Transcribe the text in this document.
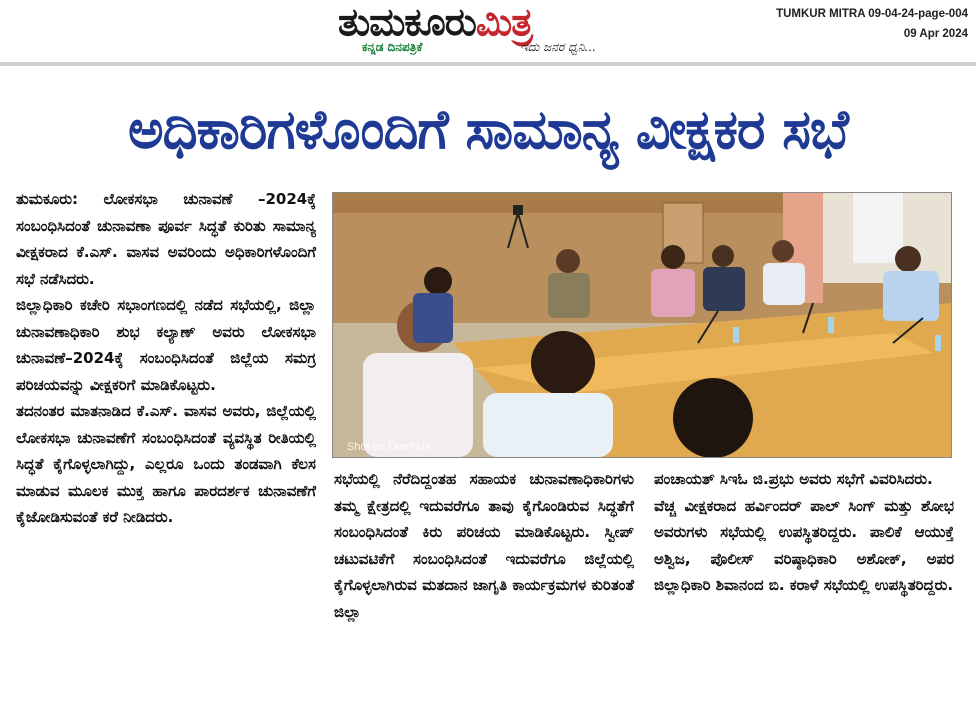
ತುಮಕೂರುಮಿತ್ರ
ಕನ್ನಡ ದಿನಪತ್ರಿಕೆ	ಇದು ಜನರ ಧ್ವನಿ...
TUMKUR MITRA 09-04-24-page-004
09 Apr 2024
ಅಧಿಕಾರಿಗಳೊಂದಿಗೆ ಸಾಮಾನ್ಯ ವೀಕ್ಷಕರ ಸಭೆ

ತುಮಕೂರು: ಲೋಕಸಭಾ ಚುನಾವಣೆ –2024ಕ್ಕೆ ಸಂಬಂಧಿಸಿದಂತೆ ಚುನಾವಣಾ ಪೂರ್ವ ಸಿದ್ಧತೆ ಕುರಿತು ಸಾಮಾನ್ಯ ವೀಕ್ಷಕರಾದ ಕೆ.ಎಸ್. ವಾಸವ ಅವರಿಂದು ಅಧಿಕಾರಿಗಳೊಂದಿಗೆ ಸಭೆ ನಡೆಸಿದರು.

ಜಿಲ್ಲಾಧಿಕಾರಿ ಕಚೇರಿ ಸಭಾಂಗಣದಲ್ಲಿ ನಡೆದ ಸಭೆಯಲ್ಲಿ, ಜಿಲ್ಲಾ ಚುನಾವಣಾಧಿಕಾರಿ ಶುಭ ಕಲ್ಯಾಣ್ ಅವರು ಲೋಕಸಭಾ ಚುನಾವಣೆ–2024ಕ್ಕೆ ಸಂಬಂಧಿಸಿದಂತೆ ಜಿಲ್ಲೆಯ ಸಮಗ್ರ ಪರಿಚಯವನ್ನು ವೀಕ್ಷಕರಿಗೆ ಮಾಡಿಕೊಟ್ಟರು.

ತದನಂತರ ಮಾತನಾಡಿದ ಕೆ.ಎಸ್. ವಾಸವ ಅವರು, ಜಿಲ್ಲೆಯಲ್ಲಿ ಲೋಕಸಭಾ ಚುನಾವಣೆಗೆ ಸಂಬಂಧಿಸಿದಂತೆ ವ್ಯವಸ್ಥಿತ ರೀತಿಯಲ್ಲಿ ಸಿದ್ಧತೆ ಕೈಗೊಳ್ಳಲಾಗಿದ್ದು, ಎಲ್ಲರೂ ಒಂದು ತಂಡವಾಗಿ ಕೆಲಸ ಮಾಡುವ ಮೂಲಕ ಮುಕ್ತ ಹಾಗೂ ಪಾರದರ್ಶಕ ಚುನಾವಣೆಗೆ ಕೈಜೋಡಿಸುವಂತೆ ಕರೆ ನೀಡಿದರು.

Shot on OnePlus

ಸಭೆಯಲ್ಲಿ ನೆರೆದಿದ್ದಂತಹ ಸಹಾಯಕ ಚುನಾವಣಾಧಿಕಾರಿಗಳು ತಮ್ಮ ಕ್ಷೇತ್ರದಲ್ಲಿ ಇದುವರೆಗೂ ತಾವು ಕೈಗೊಂಡಿರುವ ಸಿದ್ಧತೆಗೆ ಸಂಬಂಧಿಸಿದಂತೆ ಕಿರು ಪರಿಚಯ ಮಾಡಿಕೊಟ್ಟರು. ಸ್ವೀಪ್ ಚಟುವಟಿಕೆಗೆ ಸಂಬಂಧಿಸಿದಂತೆ ಇದುವರೆಗೂ ಜಿಲ್ಲೆಯಲ್ಲಿ ಕೈಗೊಳ್ಳಲಾಗಿರುವ ಮತದಾನ ಜಾಗೃತಿ ಕಾರ್ಯಕ್ರಮಗಳ ಕುರಿತಂತೆ ಜಿಲ್ಲಾ

ಪಂಚಾಯತ್ ಸಿಇಓ ಜಿ.ಪ್ರಭು ಅವರು ಸಭೆಗೆ ವಿವರಿಸಿದರು.

ವೆಚ್ಚ ವೀಕ್ಷಕರಾದ ಹರ್ವಿಂದರ್ ಪಾಲ್ ಸಿಂಗ್ ಮತ್ತು ಶೋಭ ಅವರುಗಳು ಸಭೆಯಲ್ಲಿ ಉಪಸ್ಥಿತರಿದ್ದರು. ಪಾಲಿಕೆ ಆಯುಕ್ತೆ ಅಶ್ವಿಜ, ಪೊಲೀಸ್ ವರಿಷ್ಠಾಧಿಕಾರಿ ಅಶೋಕ್, ಅಪರ ಜಿಲ್ಲಾಧಿಕಾರಿ ಶಿವಾನಂದ ಬಿ. ಕರಾಳೆ ಸಭೆಯಲ್ಲಿ ಉಪಸ್ಥಿತರಿದ್ದರು.
